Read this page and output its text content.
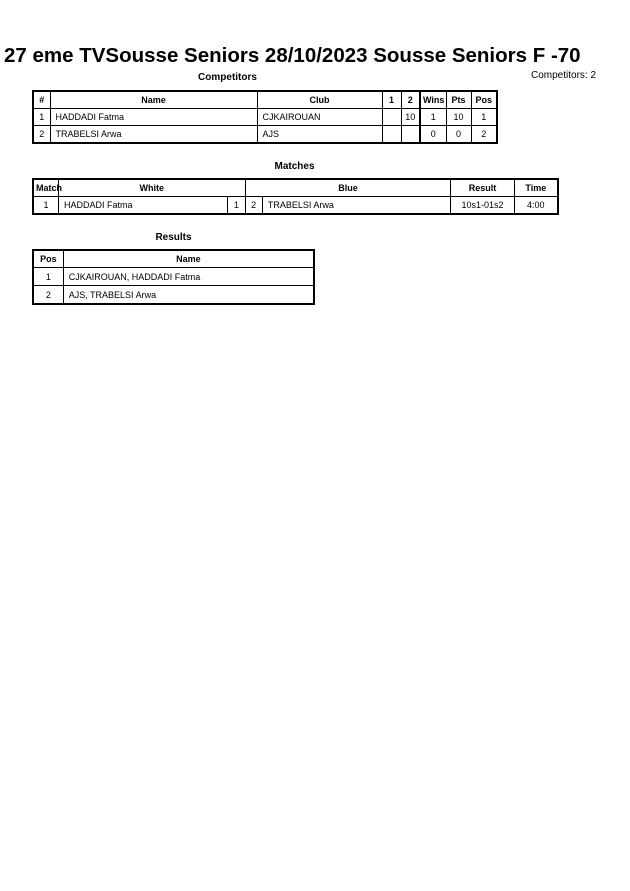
27 eme TVSousse Seniors 28/10/2023 Sousse Seniors F -70
Competitors: 2
Competitors
#	Name	Club	1	2	Wins	Pts	Pos
1	HADDADI Fatma	CJKAIROUAN		10	1	10	1
2	TRABELSI Arwa	AJS			0	0	2
Matches
Match	White		Blue		Result	Time
1	HADDADI Fatma	1	2	TRABELSI Arwa	10s1-01s2	4:00
Results
Pos	Name
1	CJKAIROUAN, HADDADI Fatma
2	AJS, TRABELSI Arwa
